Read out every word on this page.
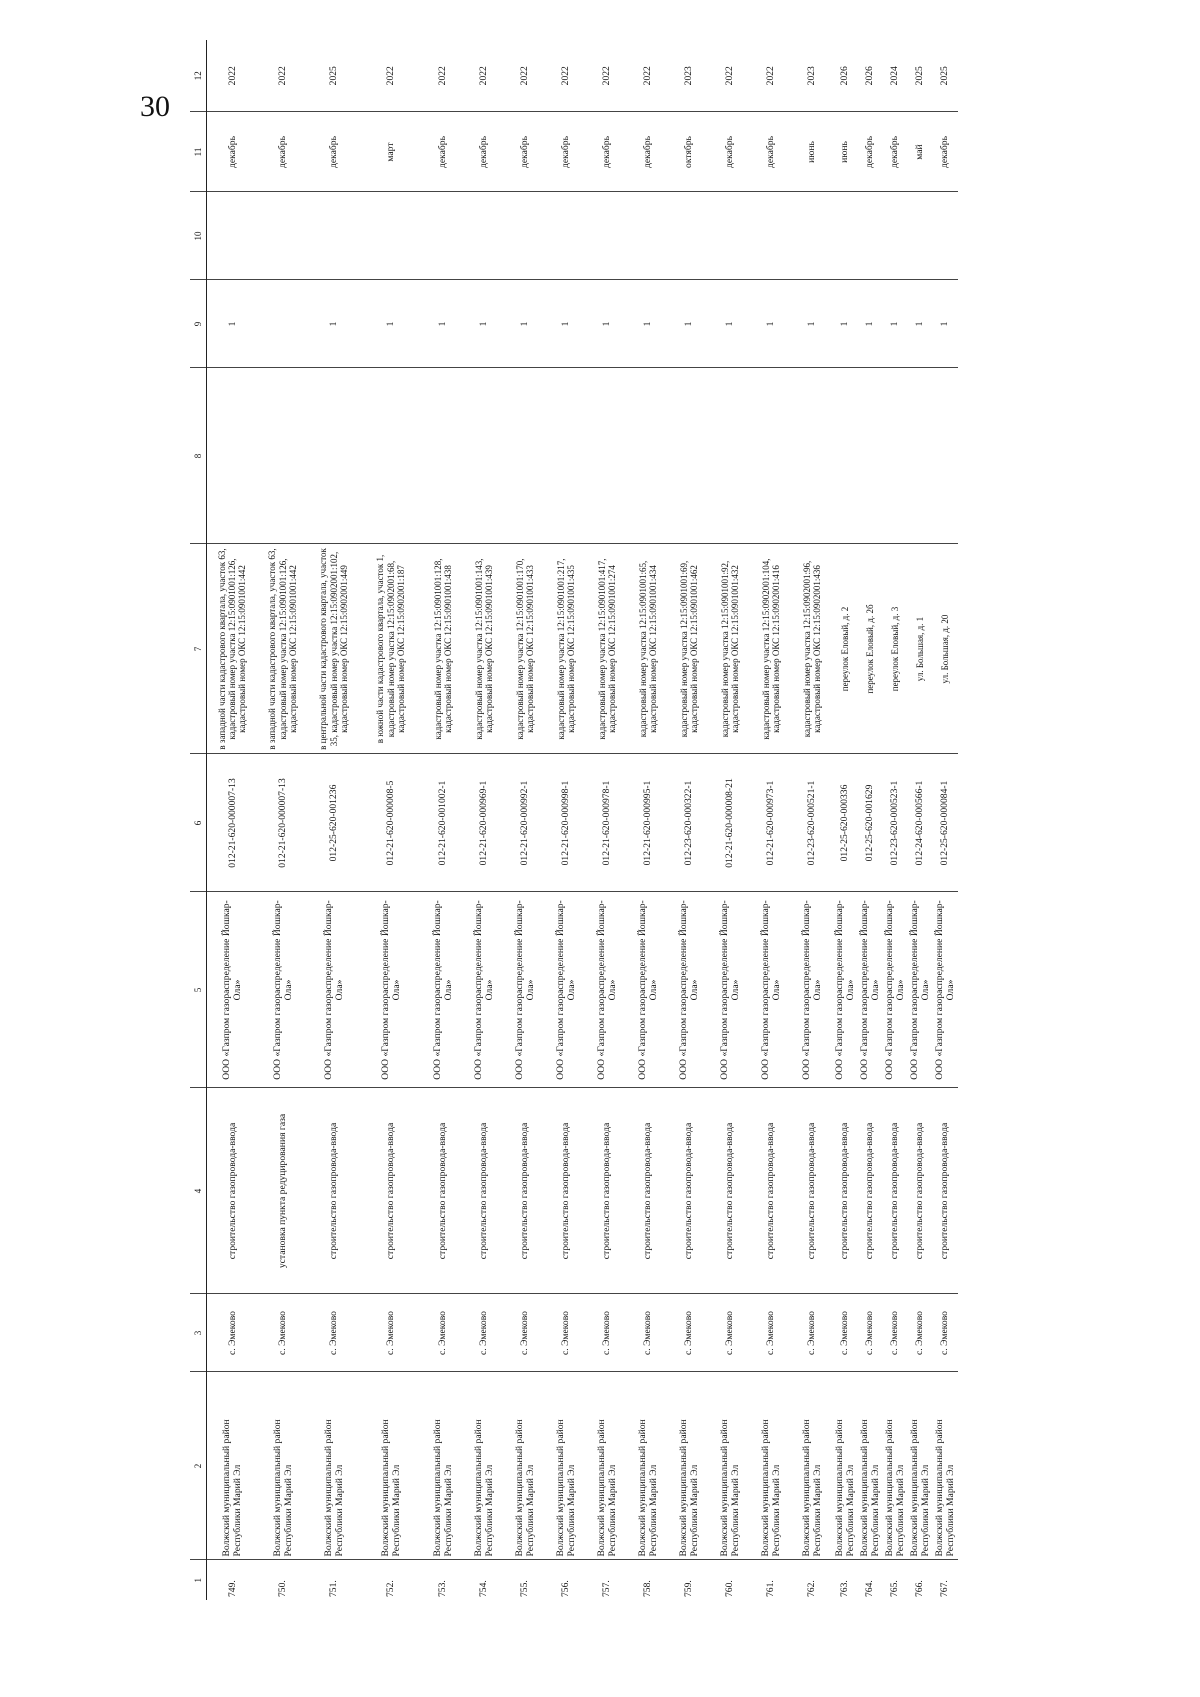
30
1	2	3	4	5	6	7	8	9	10	11	12
749.	Волжский муниципальный район Республики Марий Эл	с. Эмеково	строительство газопровода-ввода	ООО «Газпром газораспределение Йошкар-Ола»	012-21-620-000007-13	в западной части кадастрового квартала, участок 63, кадастровый номер участка 12:15:0901001:126, кадастровый номер ОКС 12:15:0901001:442		1		декабрь	2022
750.	Волжский муниципальный район Республики Марий Эл	с. Эмеково	установка пункта редуцирования газа	ООО «Газпром газораспределение Йошкар-Ола»	012-21-620-000007-13	в западной части кадастрового квартала, участок 63, кадастровый номер участка 12:15:0901001:126, кадастровый номер ОКС 12:15:0901001:442				декабрь	2022
751.	Волжский муниципальный район Республики Марий Эл	с. Эмеково	строительство газопровода-ввода	ООО «Газпром газораспределение Йошкар-Ола»	012-25-620-001236	в центральной части кадастрового квартала, участок 35, кадастровый номер участка 12:15:0902001:102, кадастровый номер ОКС 12:15:0902001:449		1		декабрь	2025
752.	Волжский муниципальный район Республики Марий Эл	с. Эмеково	строительство газопровода-ввода	ООО «Газпром газораспределение Йошкар-Ола»	012-21-620-000008-5	в южной части кадастрового квартала, участок 1, кадастровый номер участка 12:15:0902001:68, кадастровый номер ОКС 12:15:0902001:187		1		март	2022
753.	Волжский муниципальный район Республики Марий Эл	с. Эмеково	строительство газопровода-ввода	ООО «Газпром газораспределение Йошкар-Ола»	012-21-620-001002-1	кадастровый номер участка 12:15:0901001:128, кадастровый номер ОКС 12:15:0901001:438		1		декабрь	2022
754.	Волжский муниципальный район Республики Марий Эл	с. Эмеково	строительство газопровода-ввода	ООО «Газпром газораспределение Йошкар-Ола»	012-21-620-000969-1	кадастровый номер участка 12:15:0901001:143, кадастровый номер ОКС 12:15:0901001:439		1		декабрь	2022
755.	Волжский муниципальный район Республики Марий Эл	с. Эмеково	строительство газопровода-ввода	ООО «Газпром газораспределение Йошкар-Ола»	012-21-620-000992-1	кадастровый номер участка 12:15:0901001:170, кадастровый номер ОКС 12:15:0901001:433		1		декабрь	2022
756.	Волжский муниципальный район Республики Марий Эл	с. Эмеково	строительство газопровода-ввода	ООО «Газпром газораспределение Йошкар-Ола»	012-21-620-000998-1	кадастровый номер участка 12:15:0901001:217, кадастровый номер ОКС 12:15:0901001:435		1		декабрь	2022
757.	Волжский муниципальный район Республики Марий Эл	с. Эмеково	строительство газопровода-ввода	ООО «Газпром газораспределение Йошкар-Ола»	012-21-620-000978-1	кадастровый номер участка 12:15:0901001:417, кадастровый номер ОКС 12:15:0901001:274		1		декабрь	2022
758.	Волжский муниципальный район Республики Марий Эл	с. Эмеково	строительство газопровода-ввода	ООО «Газпром газораспределение Йошкар-Ола»	012-21-620-000995-1	кадастровый номер участка 12:15:0901001:65, кадастровый номер ОКС 12:15:0901001:434		1		декабрь	2022
759.	Волжский муниципальный район Республики Марий Эл	с. Эмеково	строительство газопровода-ввода	ООО «Газпром газораспределение Йошкар-Ола»	012-23-620-000322-1	кадастровый номер участка 12:15:0901001:69, кадастровый номер ОКС 12:15:0901001:462		1		октябрь	2023
760.	Волжский муниципальный район Республики Марий Эл	с. Эмеково	строительство газопровода-ввода	ООО «Газпром газораспределение Йошкар-Ола»	012-21-620-000008-21	кадастровый номер участка 12:15:0901001:92, кадастровый номер ОКС 12:15:0901001:432		1		декабрь	2022
761.	Волжский муниципальный район Республики Марий Эл	с. Эмеково	строительство газопровода-ввода	ООО «Газпром газораспределение Йошкар-Ола»	012-21-620-000973-1	кадастровый номер участка 12:15:0902001:104, кадастровый номер ОКС 12:15:0902001:416		1		декабрь	2022
762.	Волжский муниципальный район Республики Марий Эл	с. Эмеково	строительство газопровода-ввода	ООО «Газпром газораспределение Йошкар-Ола»	012-23-620-000521-1	кадастровый номер участка 12:15:0902001:96, кадастровый номер ОКС 12:15:0902001:436		1		июнь	2023
763.	Волжский муниципальный район Республики Марий Эл	с. Эмеково	строительство газопровода-ввода	ООО «Газпром газораспределение Йошкар-Ола»	012-25-620-000336	переулок Еловый, д. 2		1		июнь	2026
764.	Волжский муниципальный район Республики Марий Эл	с. Эмеково	строительство газопровода-ввода	ООО «Газпром газораспределение Йошкар-Ола»	012-25-620-001629	переулок Еловый, д. 2б		1		декабрь	2026
765.	Волжский муниципальный район Республики Марий Эл	с. Эмеково	строительство газопровода-ввода	ООО «Газпром газораспределение Йошкар-Ола»	012-23-620-000523-1	переулок Еловый, д. 3		1		декабрь	2024
766.	Волжский муниципальный район Республики Марий Эл	с. Эмеково	строительство газопровода-ввода	ООО «Газпром газораспределение Йошкар-Ола»	012-24-620-000566-1	ул. Большая, д. 1		1		май	2025
767.	Волжский муниципальный район Республики Марий Эл	с. Эмеково	строительство газопровода-ввода	ООО «Газпром газораспределение Йошкар-Ола»	012-25-620-000084-1	ул. Большая, д. 20		1		декабрь	2025
